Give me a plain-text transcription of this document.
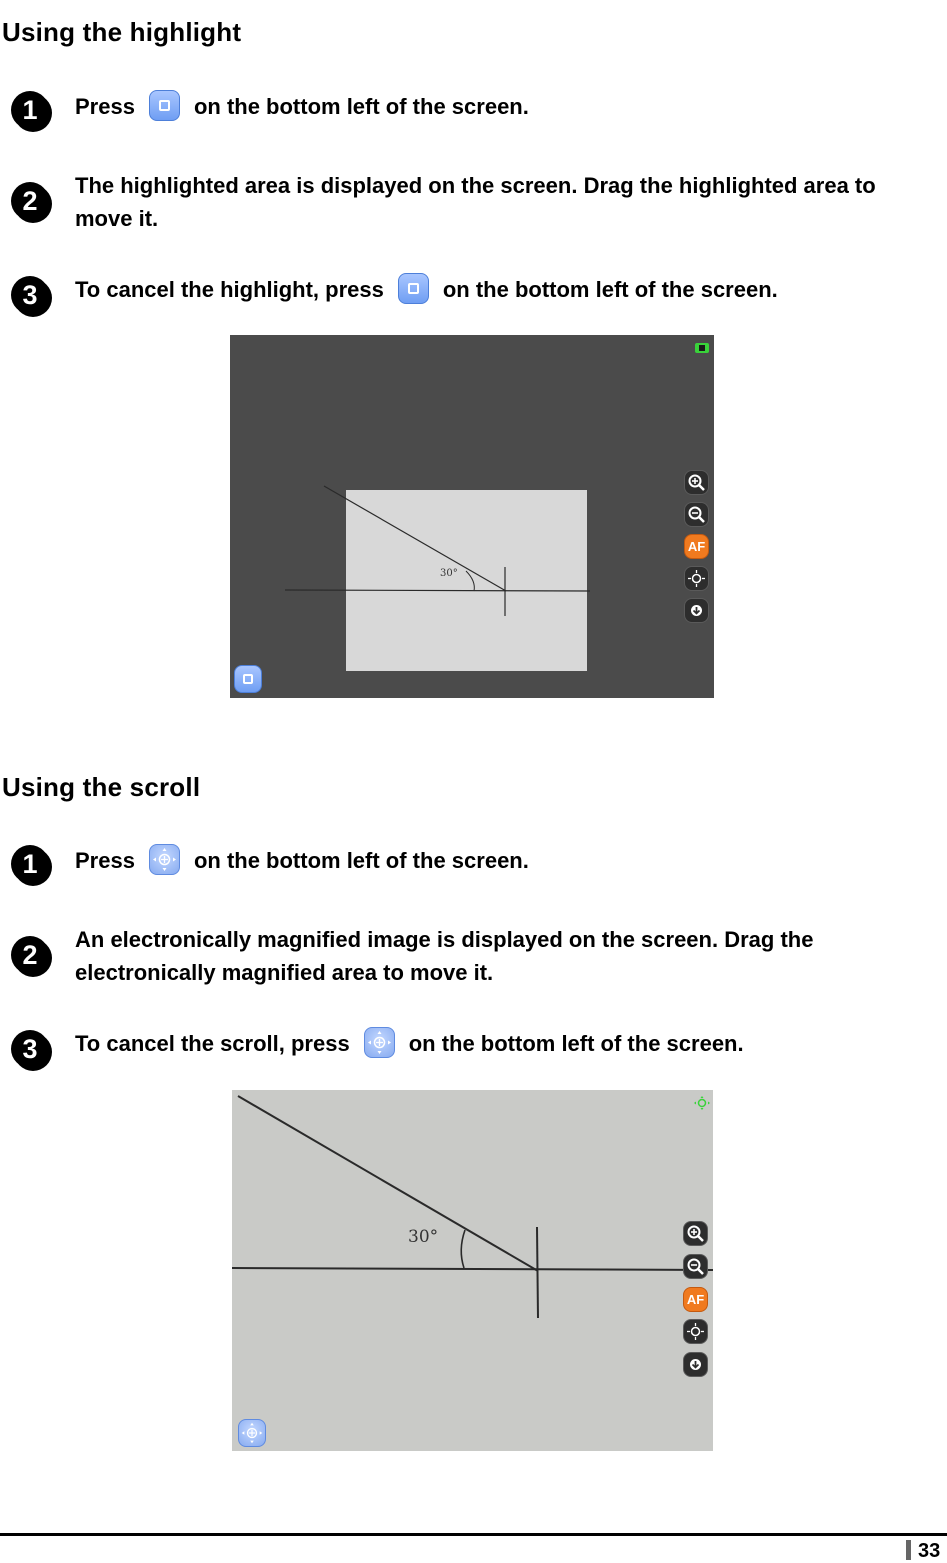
Using the highlight
1	Press	on the bottom left of the screen.
2	The highlighted area is displayed on the screen. Drag the highlighted area to move it.
3	To cancel the highlight, press	on the bottom left of the screen.
30°
AF
Using the scroll
1	Press	on the bottom left of the screen.
2	An electronically magnified image is displayed on the screen. Drag the electronically magnified area to move it.
3	To cancel the scroll, press	on the bottom left of the screen.
30°
AF
33
